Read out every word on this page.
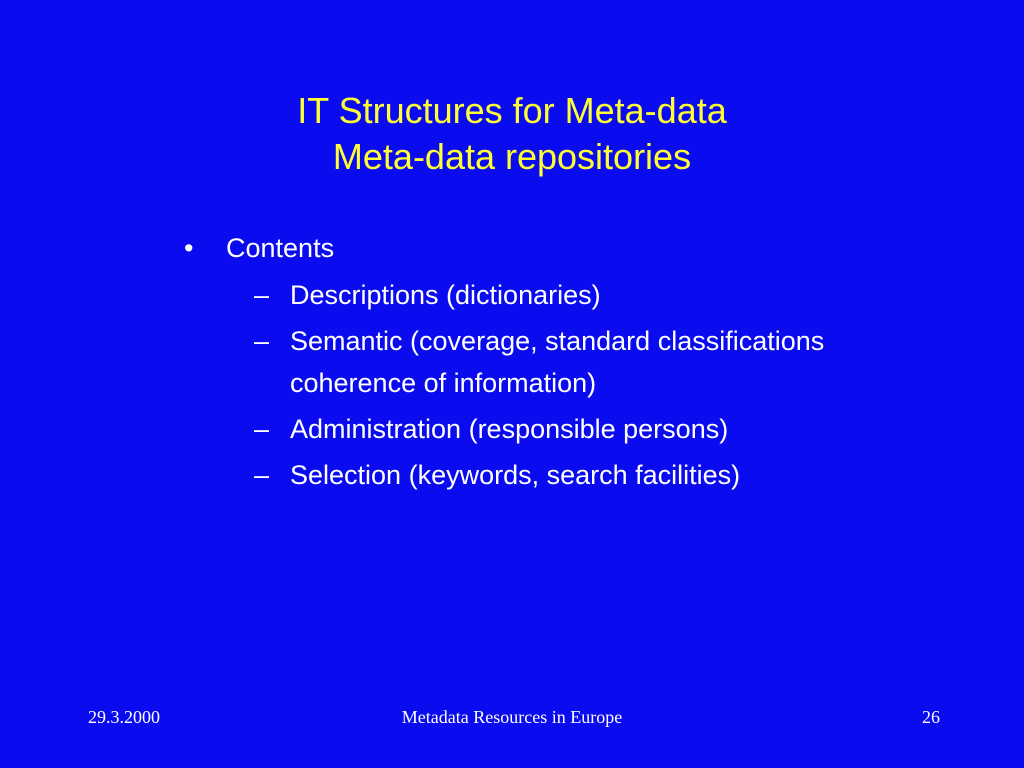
IT Structures for Meta-data
Meta-data repositories
• Contents
– Descriptions (dictionaries)
– Semantic (coverage, standard classifications coherence of information)
– Administration (responsible persons)
– Selection (keywords, search facilities)
29.3.2000	Metadata Resources in Europe	26
